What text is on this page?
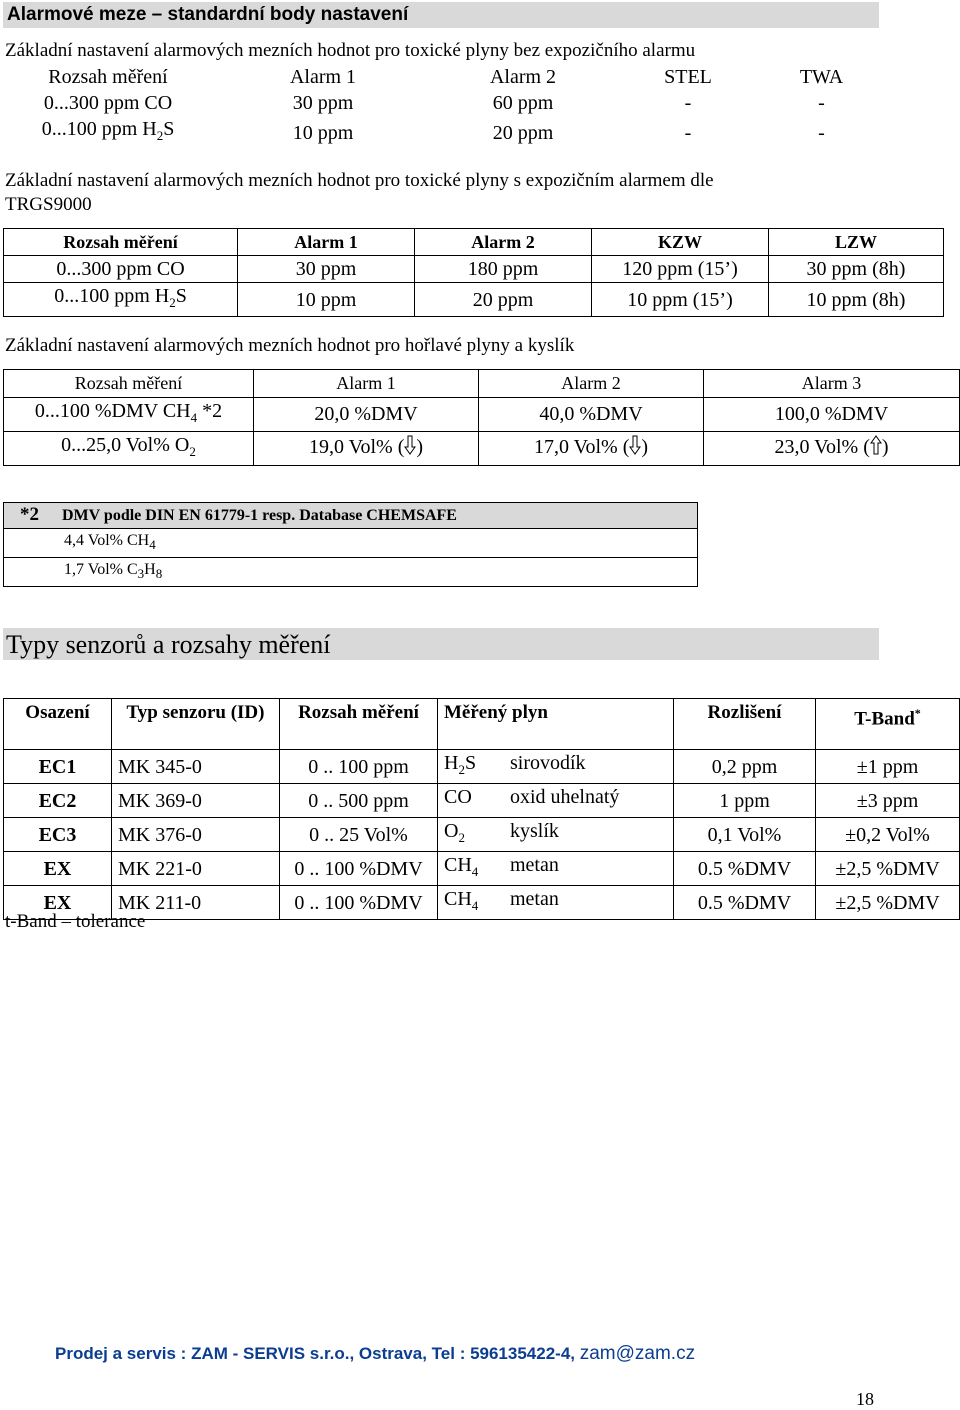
Alarmové meze – standardní body nastavení
Základní nastavení alarmových mezních hodnot pro toxické plyny bez expozičního alarmu
Rozsah měření	Alarm 1	Alarm 2	STEL	TWA
0...300 ppm CO	30 ppm	60 ppm	-	-
0...100 ppm $H_2S$	10 ppm	20 ppm	-	-
Základní nastavení alarmových mezních hodnot pro toxické plyny s expozičním alarmem dle
TRGS9000
Rozsah měření	Alarm 1	Alarm 2	KZW	LZW
0...300 ppm CO	30 ppm	180 ppm	120 ppm (15’)	30 ppm (8h)
0...100 ppm $H_2S$	10 ppm	20 ppm	10 ppm (15’)	10 ppm (8h)
Základní nastavení alarmových mezních hodnot pro hořlavé plyny a kyslík
Rozsah měření	Alarm 1	Alarm 2	Alarm 3
0...100 %DMV $CH_4$ *2	20,0 %DMV	40,0 %DMV	100,0 %DMV
0...25,0 Vol% $O_2$	19,0 Vol% ( )	17,0 Vol% ( )	23,0 Vol% ( )
*2 DMV podle DIN EN 61779-1 resp. Database CHEMSAFE
4,4 Vol% $CH_4$
1,7 Vol% $C_3H_8$
Typy senzorů a rozsahy měření
Osazení	Typ senzoru (ID)	Rozsah měření	Měřený plyn	Rozlišení	T-Band*
EC1	MK 345-0	0 .. 100 ppm	$H_2S$ sirovodík	0,2 ppm	±1 ppm
EC2	MK 369-0	0 .. 500 ppm	CO oxid uhelnatý	1 ppm	±3 ppm
EC3	MK 376-0	0 .. 25 Vol%	$O_2$ kyslík	0,1 Vol%	±0,2 Vol%
EX	MK 221-0	0 .. 100 %DMV	$CH_4$ metan	0.5 %DMV	±2,5 %DMV
EX	MK 211-0	0 .. 100 %DMV	$CH_4$ metan	0.5 %DMV	±2,5 %DMV
t-Band – tolerance
Prodej a servis : ZAM - SERVIS s.r.o., Ostrava, Tel : 596135422-4, zam@zam.cz
18
